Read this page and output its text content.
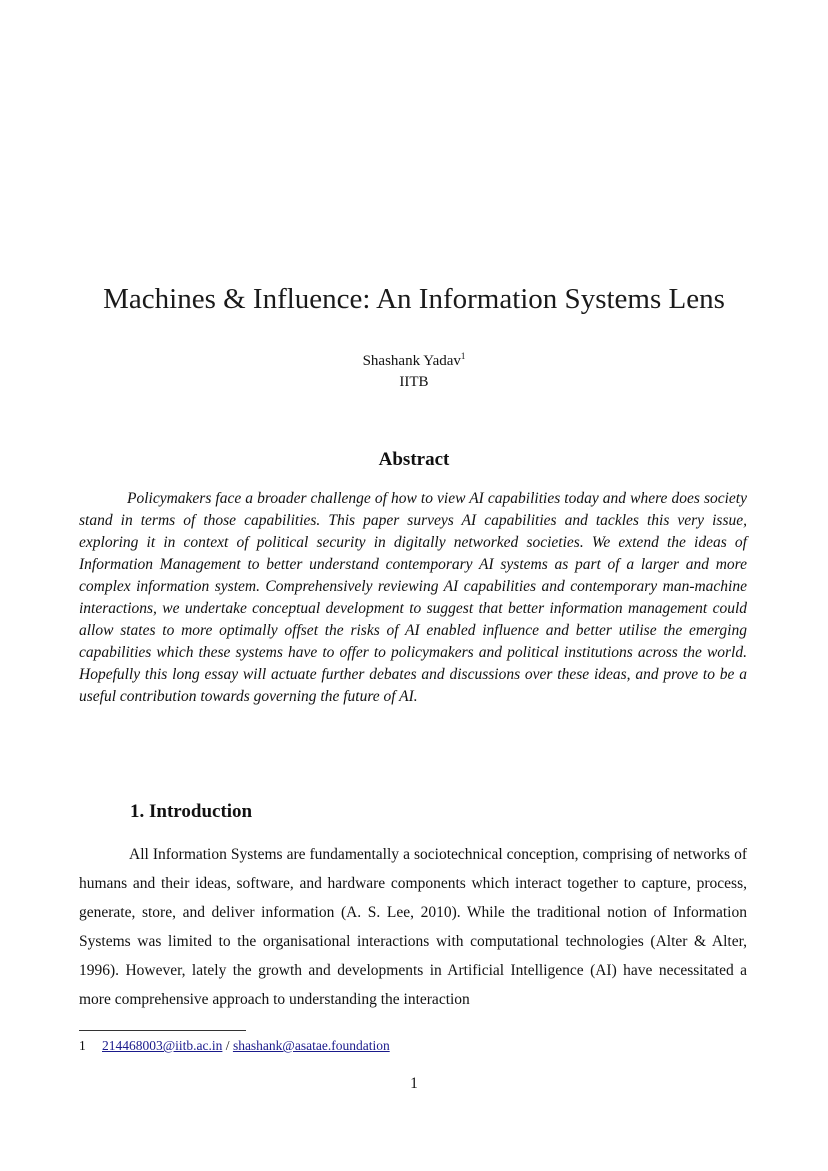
Machines & Influence: An Information Systems Lens
Shashank Yadav$^1$
IITB
Abstract

Policymakers face a broader challenge of how to view AI capabilities today and where does society stand in terms of those capabilities. This paper surveys AI capabilities and tackles this very issue, exploring it in context of political security in digitally networked societies. We extend the ideas of Information Management to better understand contemporary AI systems as part of a larger and more complex information system. Comprehensively reviewing AI capabilities and contemporary man-machine interactions, we undertake conceptual development to suggest that better information management could allow states to more optimally offset the risks of AI enabled influence and better utilise the emerging capabilities which these systems have to offer to policymakers and political institutions across the world. Hopefully this long essay will actuate further debates and discussions over these ideas, and prove to be a useful contribution towards governing the future of AI.

1. Introduction

All Information Systems are fundamentally a sociotechnical conception, comprising of networks of humans and their ideas, software, and hardware components which interact together to capture, process, generate, store, and deliver information (A. S. Lee, 2010). While the traditional notion of Information Systems was limited to the organisational interactions with computational technologies (Alter & Alter, 1996). However, lately the growth and developments in Artificial Intelligence (AI) have necessitated a more comprehensive approach to understanding the interaction

1 214468003@iitb.ac.in / shashank@asatae.foundation
1
